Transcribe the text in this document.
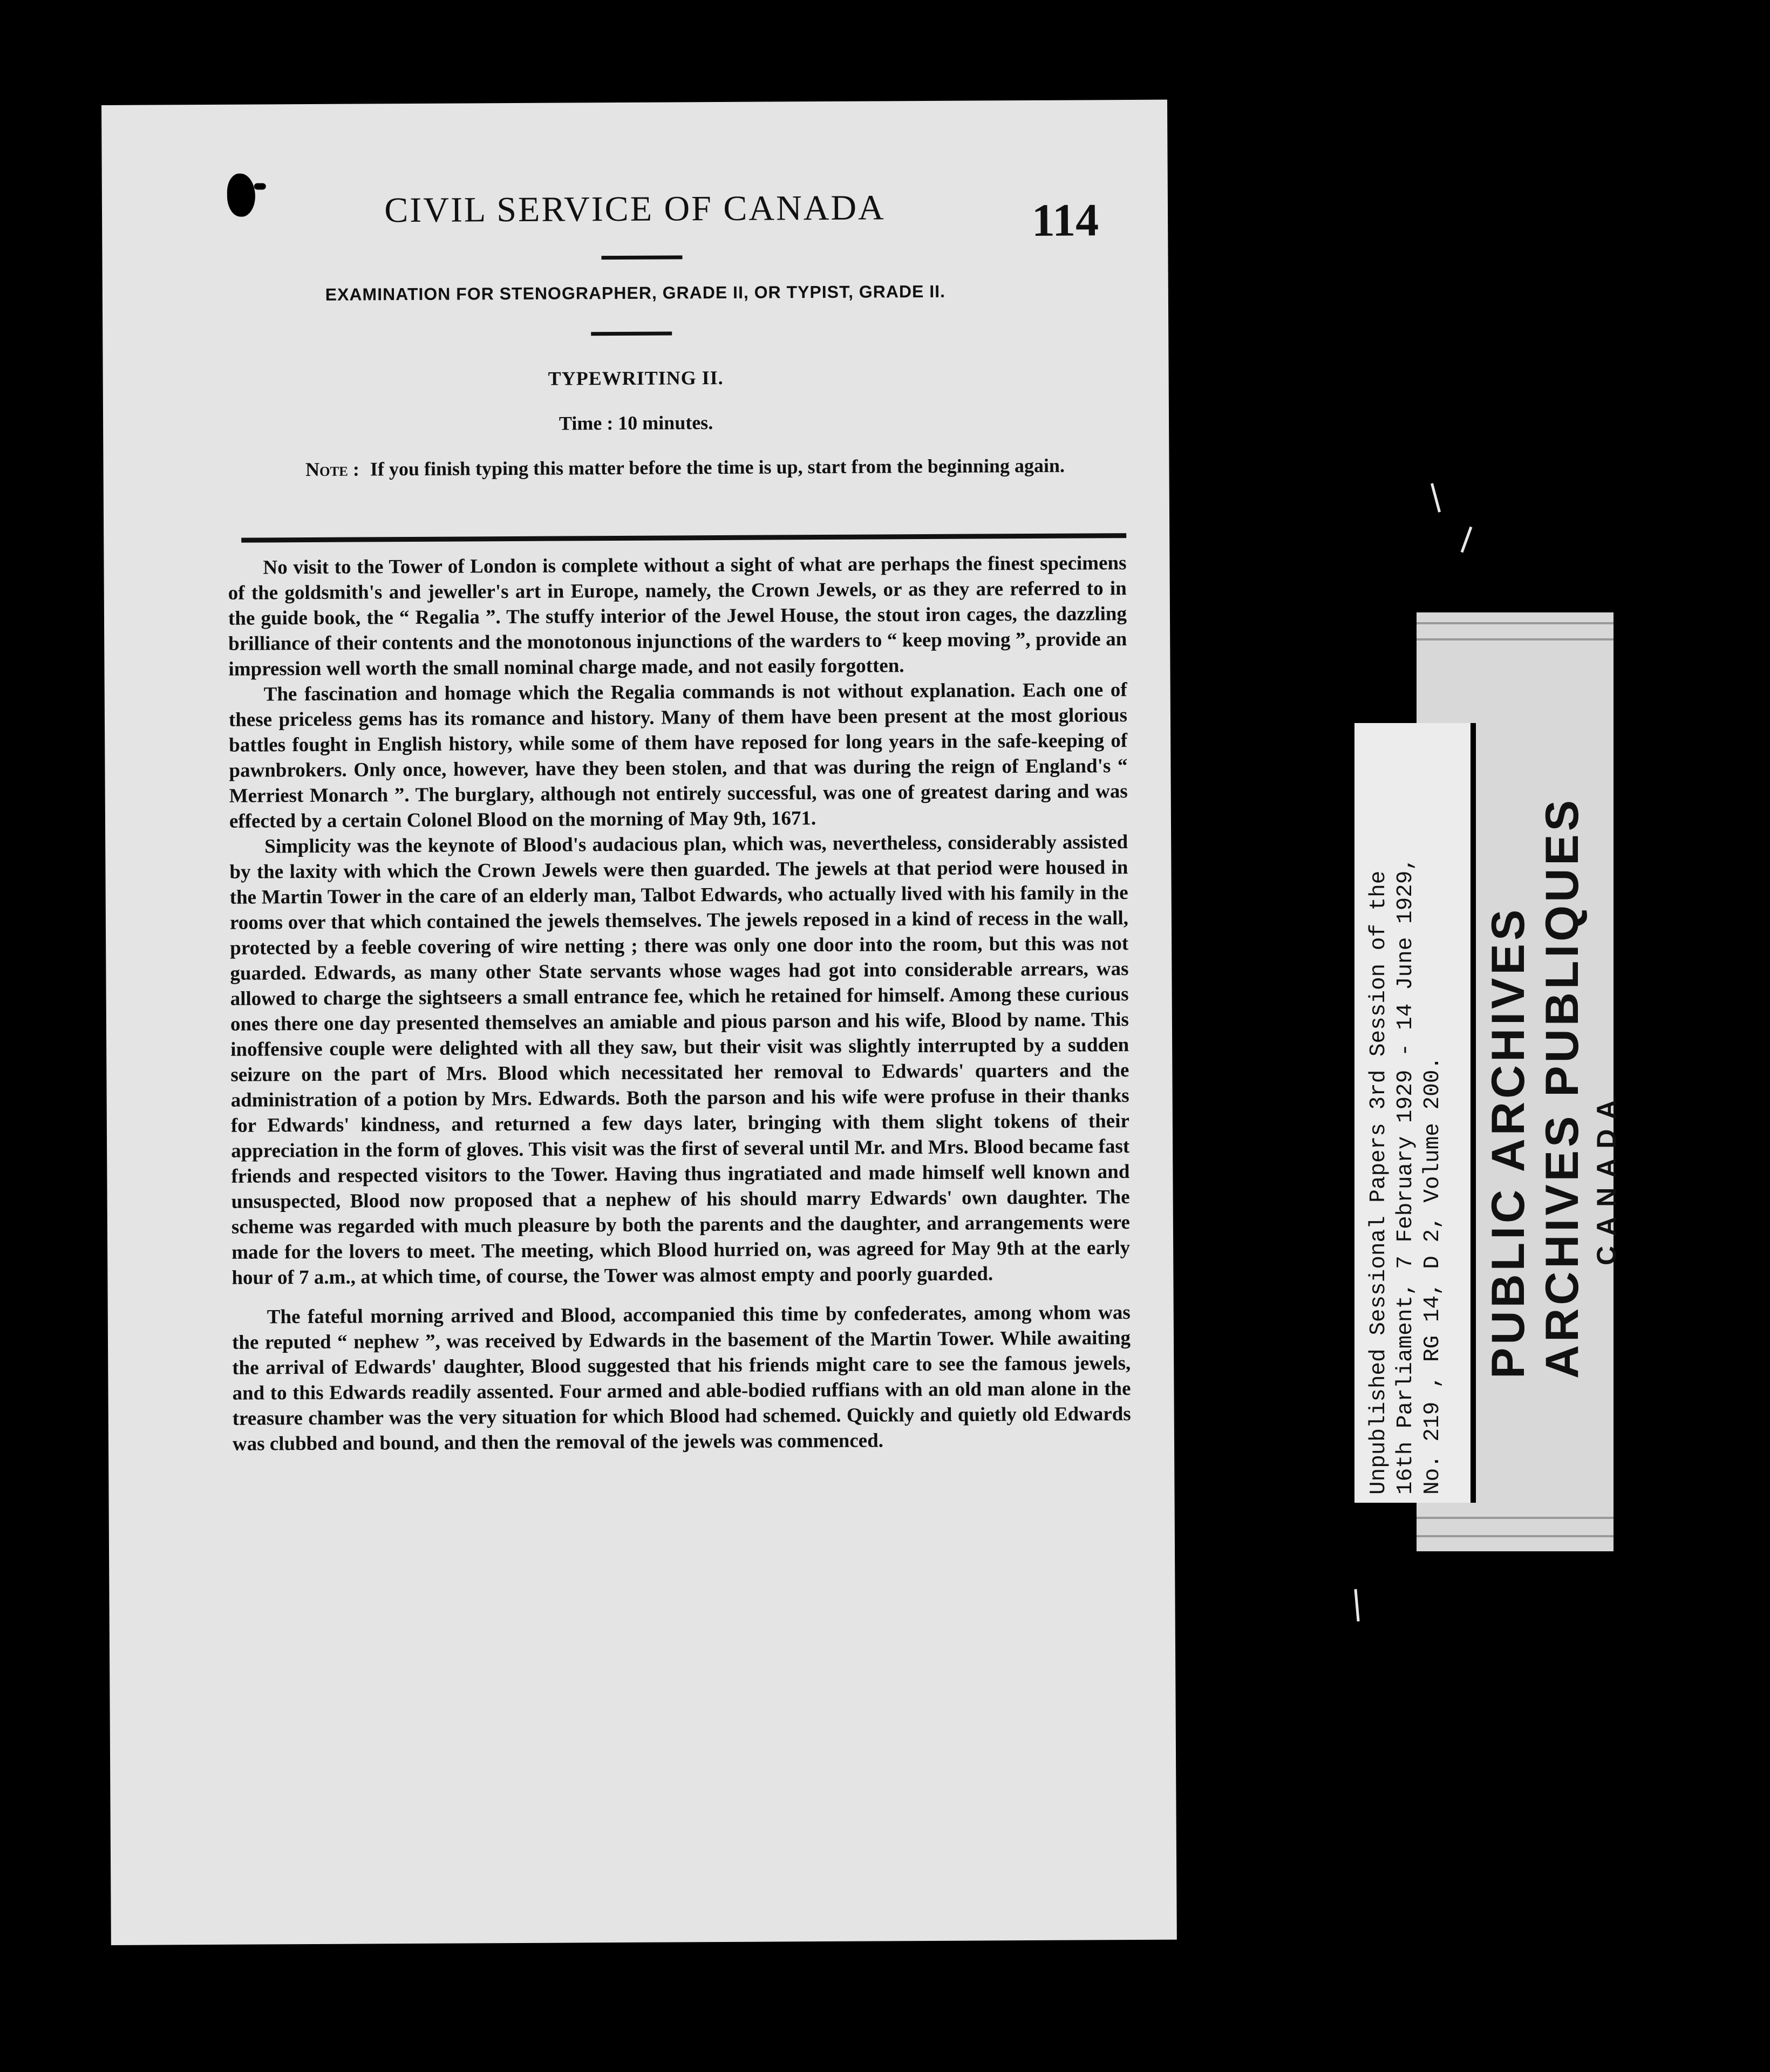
CIVIL SERVICE OF CANADA	114
EXAMINATION FOR STENOGRAPHER, GRADE II, OR TYPIST, GRADE II.
TYPEWRITING II.
Time : 10 minutes.
Note : If you finish typing this matter before the time is up, start from the beginning again.

No visit to the Tower of London is complete without a sight of what are perhaps the finest specimens of the goldsmith's and jeweller's art in Europe, namely, the Crown Jewels, or as they are referred to in the guide book, the “ Regalia ”. The stuffy interior of the Jewel House, the stout iron cages, the dazzling brilliance of their contents and the monotonous injunctions of the warders to “ keep moving ”, provide an impression well worth the small nominal charge made, and not easily forgotten.

The fascination and homage which the Regalia commands is not without explanation. Each one of these priceless gems has its romance and history. Many of them have been present at the most glorious battles fought in English history, while some of them have reposed for long years in the safe-keeping of pawnbrokers. Only once, however, have they been stolen, and that was during the reign of England's “ Merriest Monarch ”. The burglary, although not entirely successful, was one of greatest daring and was effected by a certain Colonel Blood on the morning of May 9th, 1671.

Simplicity was the keynote of Blood's audacious plan, which was, nevertheless, considerably assisted by the laxity with which the Crown Jewels were then guarded. The jewels at that period were housed in the Martin Tower in the care of an elderly man, Talbot Edwards, who actually lived with his family in the rooms over that which contained the jewels themselves. The jewels reposed in a kind of recess in the wall, protected by a feeble covering of wire netting ; there was only one door into the room, but this was not guarded. Edwards, as many other State servants whose wages had got into considerable arrears, was allowed to charge the sightseers a small entrance fee, which he retained for himself. Among these curious ones there one day presented themselves an amiable and pious parson and his wife, Blood by name. This inoffensive couple were delighted with all they saw, but their visit was slightly interrupted by a sudden seizure on the part of Mrs. Blood which necessitated her removal to Edwards' quarters and the administration of a potion by Mrs. Edwards. Both the parson and his wife were profuse in their thanks for Edwards' kindness, and returned a few days later, bringing with them slight tokens of their appreciation in the form of gloves. This visit was the first of several until Mr. and Mrs. Blood became fast friends and respected visitors to the Tower. Having thus ingratiated and made himself well known and unsuspected, Blood now proposed that a nephew of his should marry Edwards' own daughter. The scheme was regarded with much pleasure by both the parents and the daughter, and arrangements were made for the lovers to meet. The meeting, which Blood hurried on, was agreed for May 9th at the early hour of 7 a.m., at which time, of course, the Tower was almost empty and poorly guarded.

The fateful morning arrived and Blood, accompanied this time by confederates, among whom was the reputed “ nephew ”, was received by Edwards in the basement of the Martin Tower. While awaiting the arrival of Edwards' daughter, Blood suggested that his friends might care to see the famous jewels, and to this Edwards readily assented. Four armed and able-bodied ruffians with an old man alone in the treasure chamber was the very situation for which Blood had schemed. Quickly and quietly old Edwards was clubbed and bound, and then the removal of the jewels was commenced.	Unpublished Sessional Papers 3rd Session of the 16th Parliament, 7 February 1929 - 14 June 1929, No. 219 , RG 14, D 2, Volume 200. PUBLIC ARCHIVES ARCHIVES PUBLIQUES CANADA
